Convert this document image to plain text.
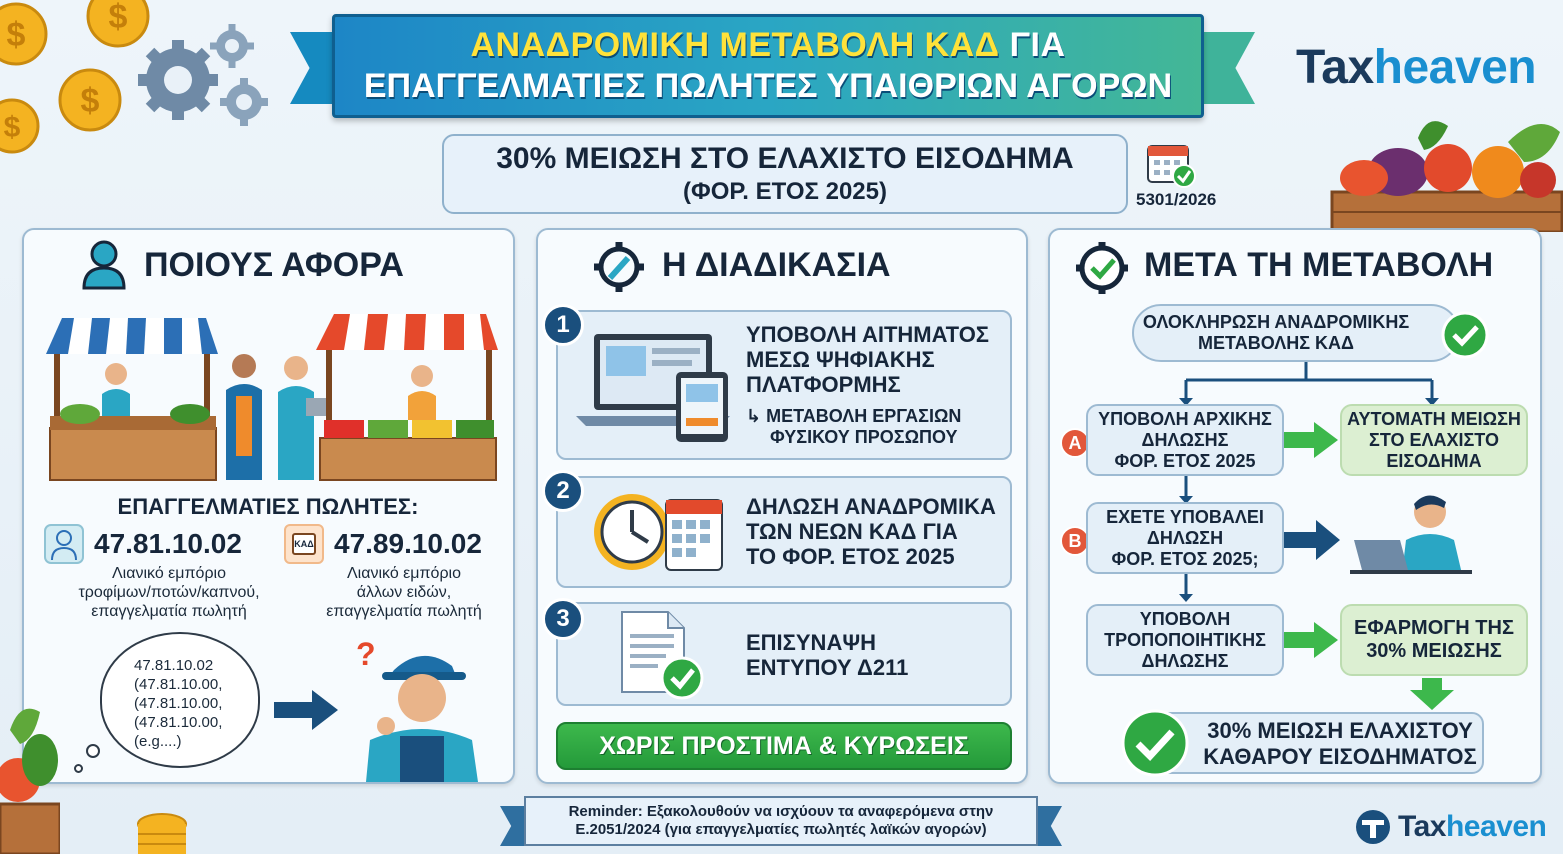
$ $
$
$
ΑΝΑΔΡΟΜΙΚΗ ΜΕΤΑΒΟΛΗ ΚΑΔ ΓΙΑ
ΕΠΑΓΓΕΛΜΑΤΙΕΣ ΠΩΛΗΤΕΣ ΥΠΑΙΘΡΙΩΝ ΑΓΟΡΩΝ	Taxheaven
30% ΜΕΙΩΣΗ ΣΤΟ ΕΛΑΧΙΣΤΟ ΕΙΣΟΔΗΜΑ
(ΦΟΡ. ΕΤΟΣ 2025)	5301/2026
ΠΟΙΟΥΣ ΑΦΟΡΑ
ΕΠΑΓΓΕΛΜΑΤΙΕΣ ΠΩΛΗΤΕΣ:
47.81.10.02
Λιανικό εμπόριο
τροφίμων/ποτών/καπνού,
επαγγελματία πωλητή
ΚΑΔ 47.89.10.02
Λιανικό εμπόριο
άλλων ειδών,
επαγγελματία πωλητή
47.81.10.02
(47.81.10.00,
(47.81.10.00,
(47.81.10.00,
(e.g....)
?
Η ΔΙΑΔΙΚΑΣΙΑ
1	ΥΠΟΒΟΛΗ ΑΙΤΗΜΑΤΟΣ
ΜΕΣΩ ΨΗΦΙΑΚΗΣ
ΠΛΑΤΦΟΡΜΗΣ
↳ ΜΕΤΑΒΟΛΗ ΕΡΓΑΣΙΩΝ
ΦΥΣΙΚΟΥ ΠΡΟΣΩΠΟΥ
2
ΔΗΛΩΣΗ ΑΝΑΔΡΟΜΙΚΑ
ΤΩΝ ΝΕΩΝ ΚΑΔ ΓΙΑ
ΤΟ ΦΟΡ. ΕΤΟΣ 2025
3
ΕΠΙΣΥΝΑΨΗ
ΕΝΤΥΠΟΥ Δ211
ΧΩΡΙΣ ΠΡΟΣΤΙΜΑ & ΚΥΡΩΣΕΙΣ
ΜΕΤΑ ΤΗ ΜΕΤΑΒΟΛΗ
ΟΛΟΚΛΗΡΩΣΗ ΑΝΑΔΡΟΜΙΚΗΣ
ΜΕΤΑΒΟΛΗΣ ΚΑΔ
A
ΥΠΟΒΟΛΗ ΑΡΧΙΚΗΣ
ΔΗΛΩΣΗΣ
ΦΟΡ. ΕΤΟΣ 2025
ΑΥΤΟΜΑΤΗ ΜΕΙΩΣΗ
ΣΤΟ ΕΛΑΧΙΣΤΟ
ΕΙΣΟΔΗΜΑ
B
ΕΧΕΤΕ ΥΠΟΒΑΛΕΙ
ΔΗΛΩΣΗ
ΦΟΡ. ΕΤΟΣ 2025;
ΥΠΟΒΟΛΗ
ΤΡΟΠΟΠΟΙΗΤΙΚΗΣ
ΔΗΛΩΣΗΣ
ΕΦΑΡΜΟΓΗ ΤΗΣ
30% ΜΕΙΩΣΗΣ
30% ΜΕΙΩΣΗ ΕΛΑΧΙΣΤΟΥ
ΚΑΘΑΡΟΥ ΕΙΣΟΔΗΜΑΤΟΣ
Reminder: Εξακολουθούν να ισχύουν τα αναφερόμενα στην
Ε.2051/2024 (για επαγγελματίες πωλητές λαϊκών αγορών)	Taxheaven
